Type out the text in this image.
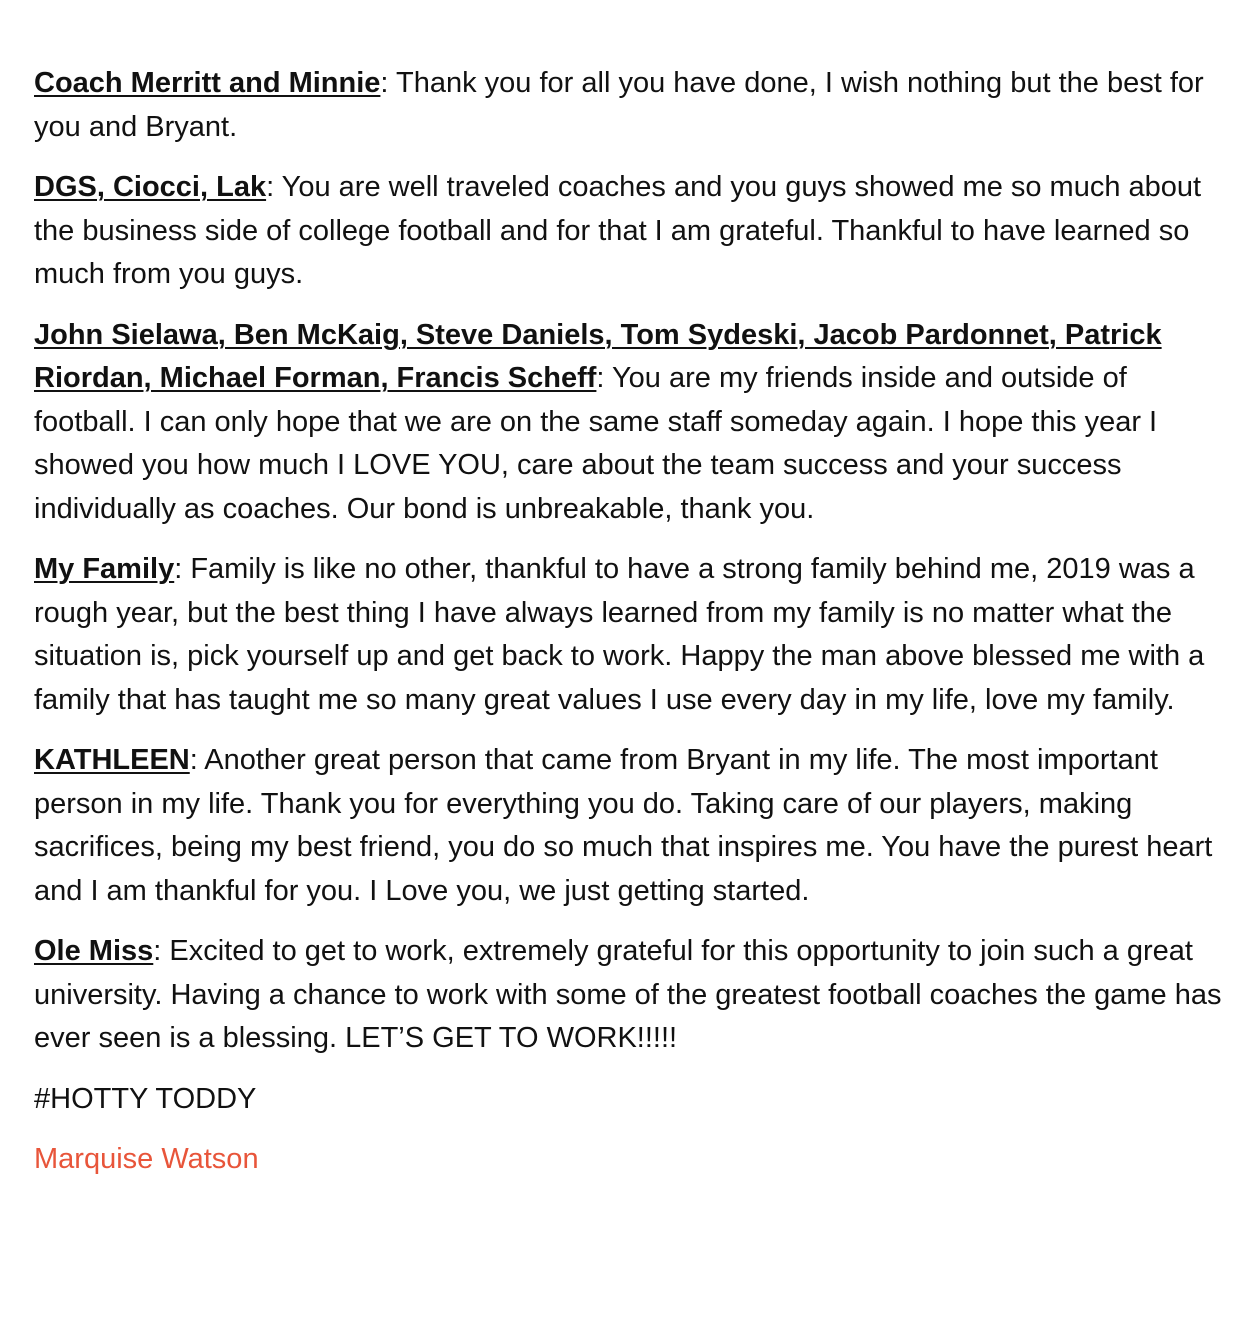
Coach Merritt and Minnie: Thank you for all you have done, I wish nothing but the best for you and Bryant.

DGS, Ciocci, Lak: You are well traveled coaches and you guys showed me so much about the business side of college football and for that I am grateful. Thankful to have learned so much from you guys.

John Sielawa, Ben McKaig, Steve Daniels, Tom Sydeski, Jacob Pardonnet, Patrick Riordan, Michael Forman, Francis Scheff: You are my friends inside and outside of football. I can only hope that we are on the same staff someday again. I hope this year I showed you how much I LOVE YOU, care about the team success and your success individually as coaches. Our bond is unbreakable, thank you.

My Family: Family is like no other, thankful to have a strong family behind me, 2019 was a rough year, but the best thing I have always learned from my family is no matter what the situation is, pick yourself up and get back to work. Happy the man above blessed me with a family that has taught me so many great values I use every day in my life, love my family.

KATHLEEN: Another great person that came from Bryant in my life. The most important person in my life. Thank you for everything you do. Taking care of our players, making sacrifices, being my best friend, you do so much that inspires me. You have the purest heart and I am thankful for you. I Love you, we just getting started.

Ole Miss: Excited to get to work, extremely grateful for this opportunity to join such a great university. Having a chance to work with some of the greatest football coaches the game has ever seen is a blessing. LET’S GET TO WORK!!!!!

#HOTTY TODDY

Marquise Watson
